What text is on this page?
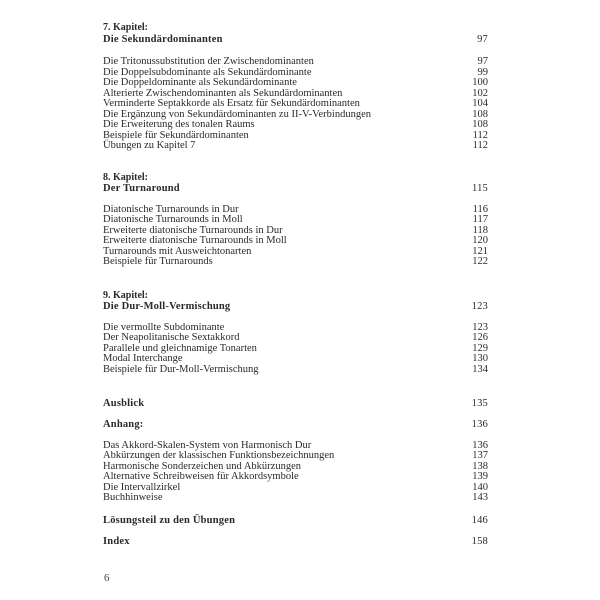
7. Kapitel:
Die Sekundärdominanten	97
Die Tritonussubstitution der Zwischendominanten	97
Die Doppelsubdominante als Sekundärdominante	99
Die Doppeldominante als Sekundärdominante	100
Alterierte Zwischendominanten als Sekundärdominanten	102
Verminderte Septakkorde als Ersatz für Sekundärdominanten	104
Die Ergänzung von Sekundärdominanten zu II-V-Verbindungen	108
Die Erweiterung des tonalen Raums	108
Beispiele für Sekundärdominanten	112
Übungen zu Kapitel 7	112
8. Kapitel:
Der Turnaround	115
Diatonische Turnarounds in Dur	116
Diatonische Turnarounds in Moll	117
Erweiterte diatonische Turnarounds in Dur	118
Erweiterte diatonische Turnarounds in Moll	120
Turnarounds mit Ausweichtonarten	121
Beispiele für Turnarounds	122
9. Kapitel:
Die Dur-Moll-Vermischung	123
Die vermollte Subdominante	123
Der Neapolitanische Sextakkord	126
Parallele und gleichnamige Tonarten	129
Modal Interchange	130
Beispiele für Dur-Moll-Vermischung	134
Ausblick	135
Anhang:	136
Das Akkord-Skalen-System von Harmonisch Dur	136
Abkürzungen der klassischen Funktionsbezeichnungen	137
Harmonische Sonderzeichen und Abkürzungen	138
Alternative Schreibweisen für Akkordsymbole	139
Die Intervallzirkel	140
Buchhinweise	143
Lösungsteil zu den Übungen	146
Index	158
6
